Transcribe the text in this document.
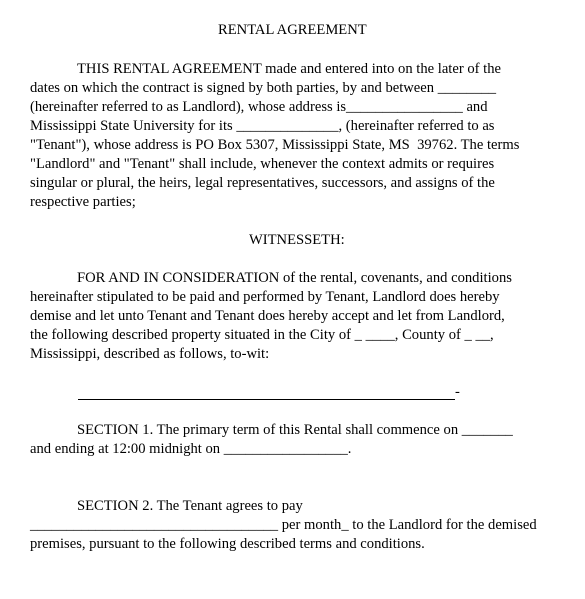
RENTAL AGREEMENT
THIS RENTAL AGREEMENT made and entered into on the later of the
dates on which the contract is signed by both parties, by and between ________
(hereinafter referred to as Landlord), whose address is________________ and
Mississippi State University for its ______________, (hereinafter referred to as
"Tenant"), whose address is PO Box 5307, Mississippi State, MS  39762. The terms
"Landlord" and "Tenant" shall include, whenever the context admits or requires
singular or plural, the heirs, legal representatives, successors, and assigns of the
respective parties;
WITNESSETH:
FOR AND IN CONSIDERATION of the rental, covenants, and conditions
hereinafter stipulated to be paid and performed by Tenant, Landlord does hereby
demise and let unto Tenant and Tenant does hereby accept and let from Landlord,
the following described property situated in the City of _ ____, County of _ __,
Mississippi, described as follows, to-wit:
-
SECTION 1. The primary term of this Rental shall commence on _______
and ending at 12:00 midnight on _________________.
SECTION 2. The Tenant agrees to pay
__________________________________ per month_ to the Landlord for the demised
premises, pursuant to the following described terms and conditions.
